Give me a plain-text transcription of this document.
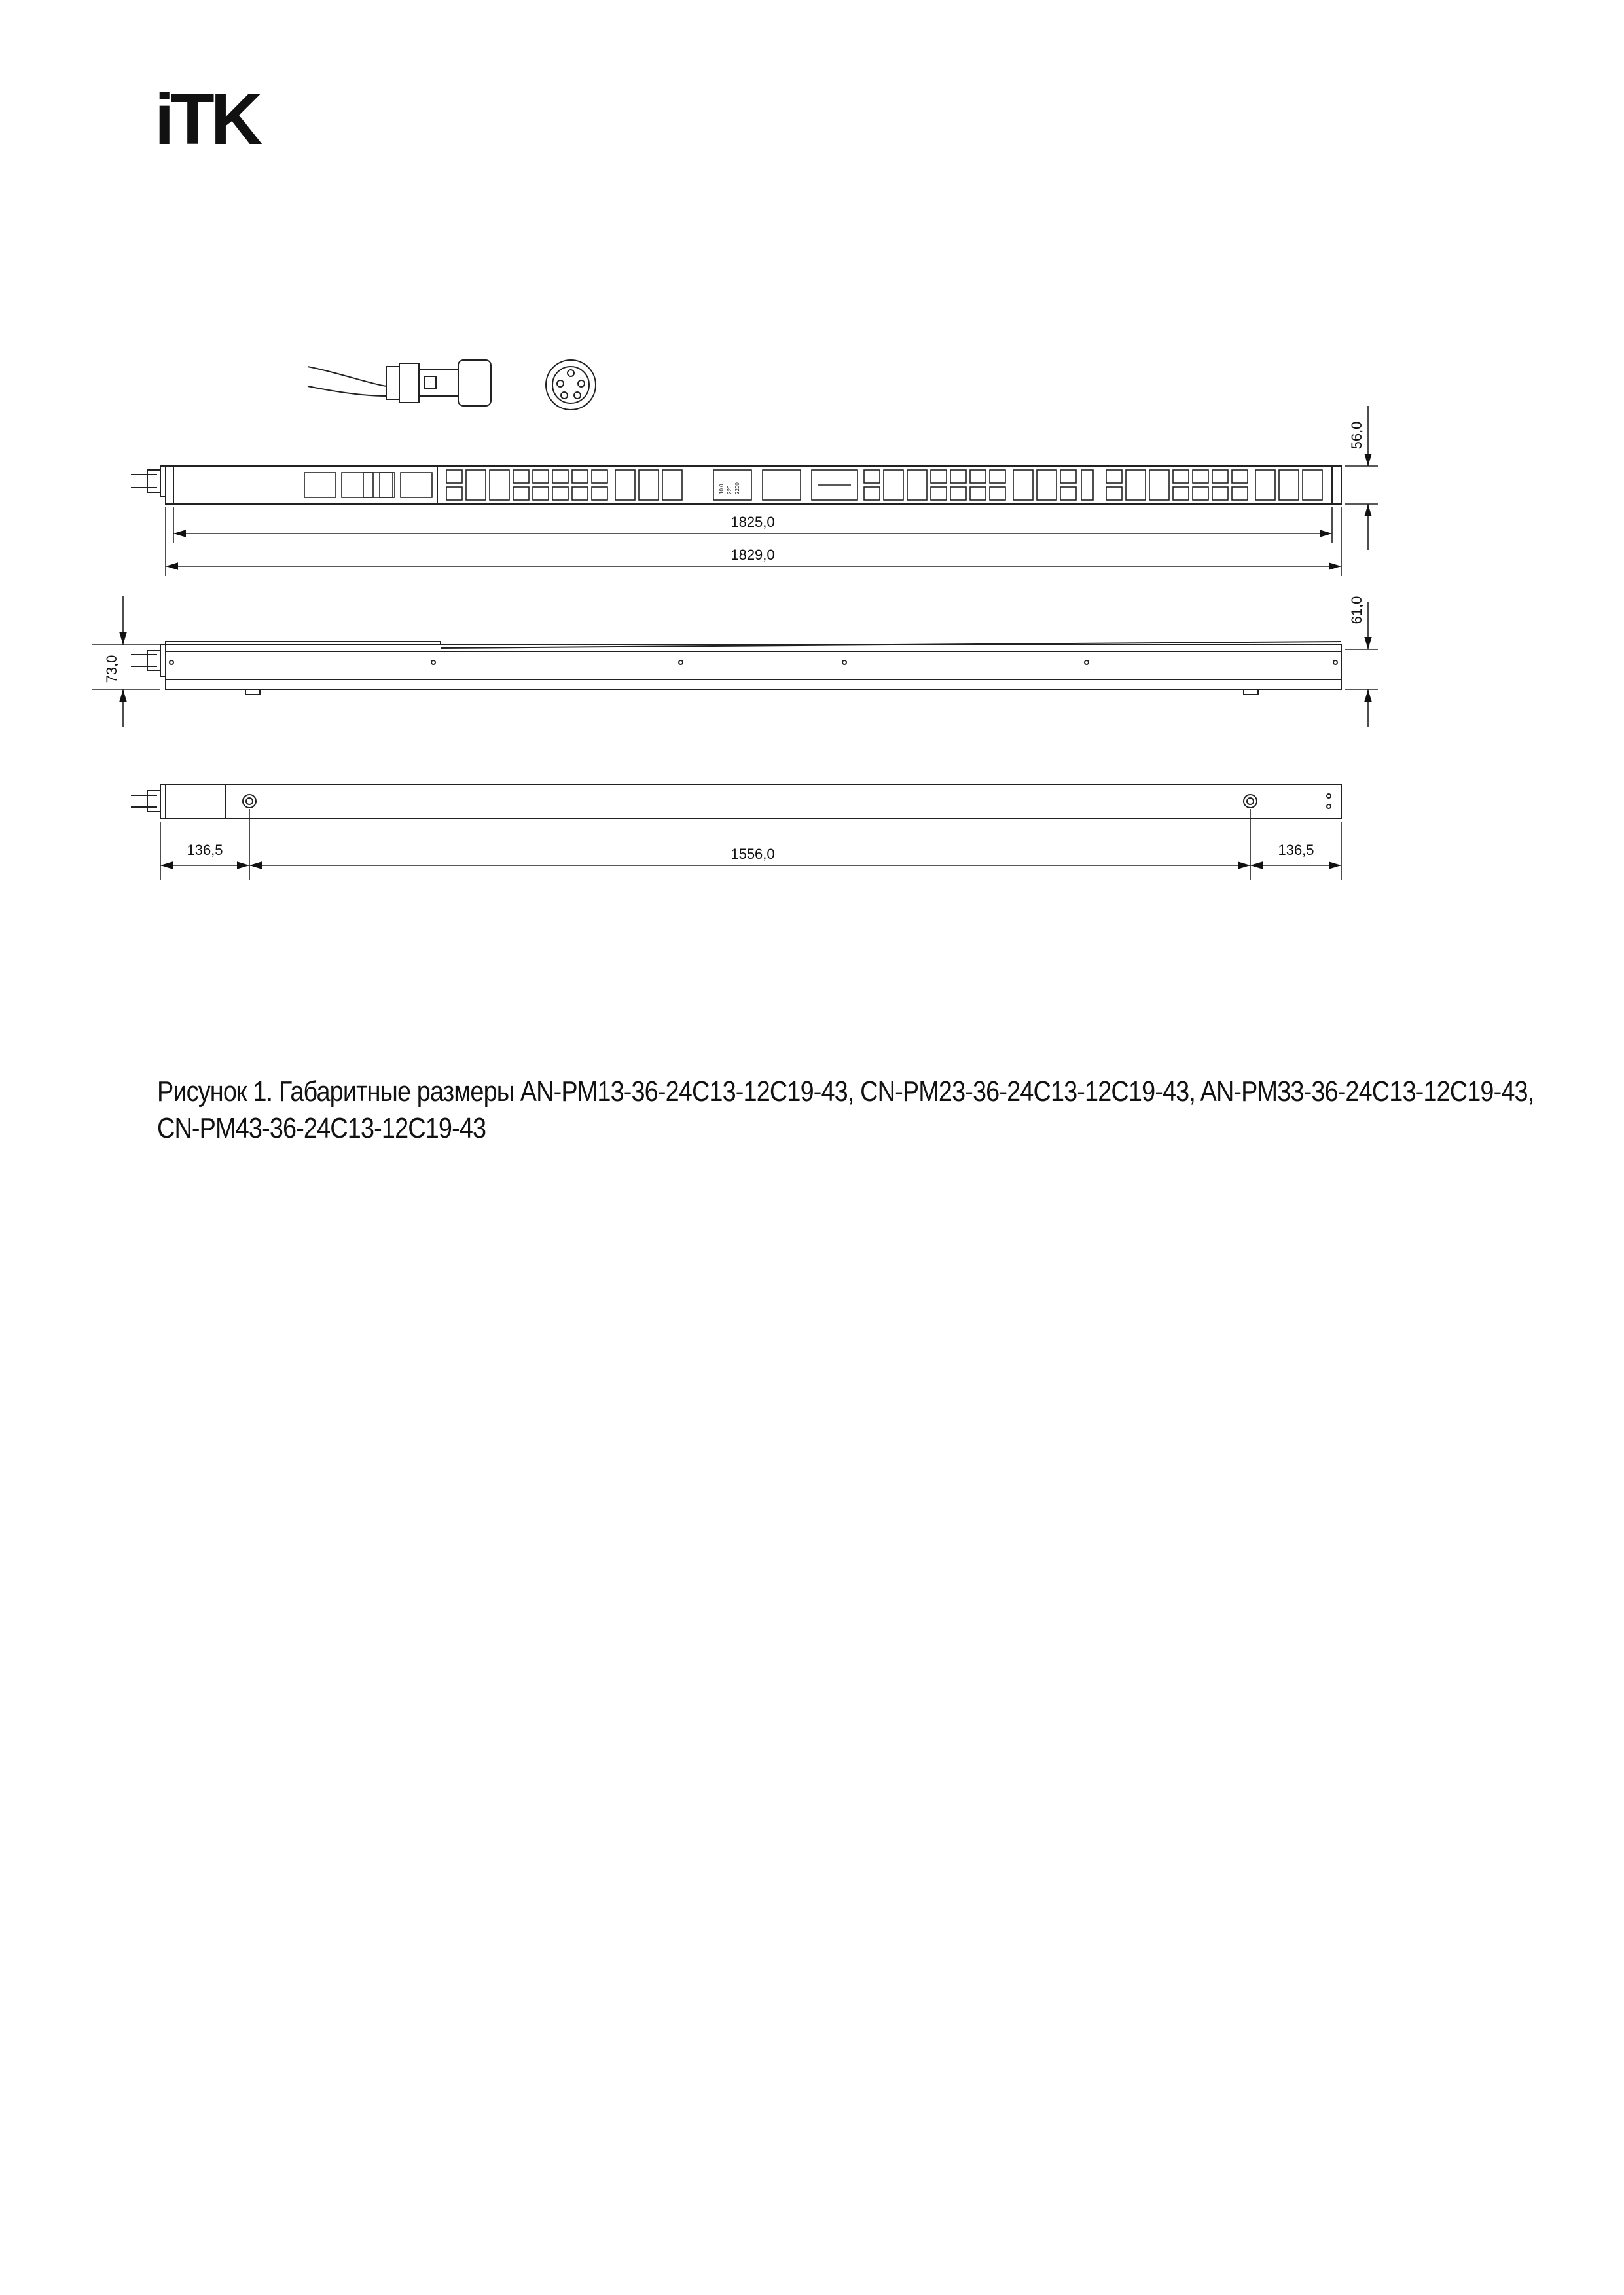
iTK
1825,0
1829,0
56,0
61,0
73,0
136,5	1556,0	136,5
10.0 220 2200
Рисунок 1. Габаритные размеры AN-PM13-36-24C13-12C19-43, CN-PM23-36-24C13-12C19-43, AN-PM33-36-24C13-12C19-43,
CN-PM43-36-24C13-12C19-43
